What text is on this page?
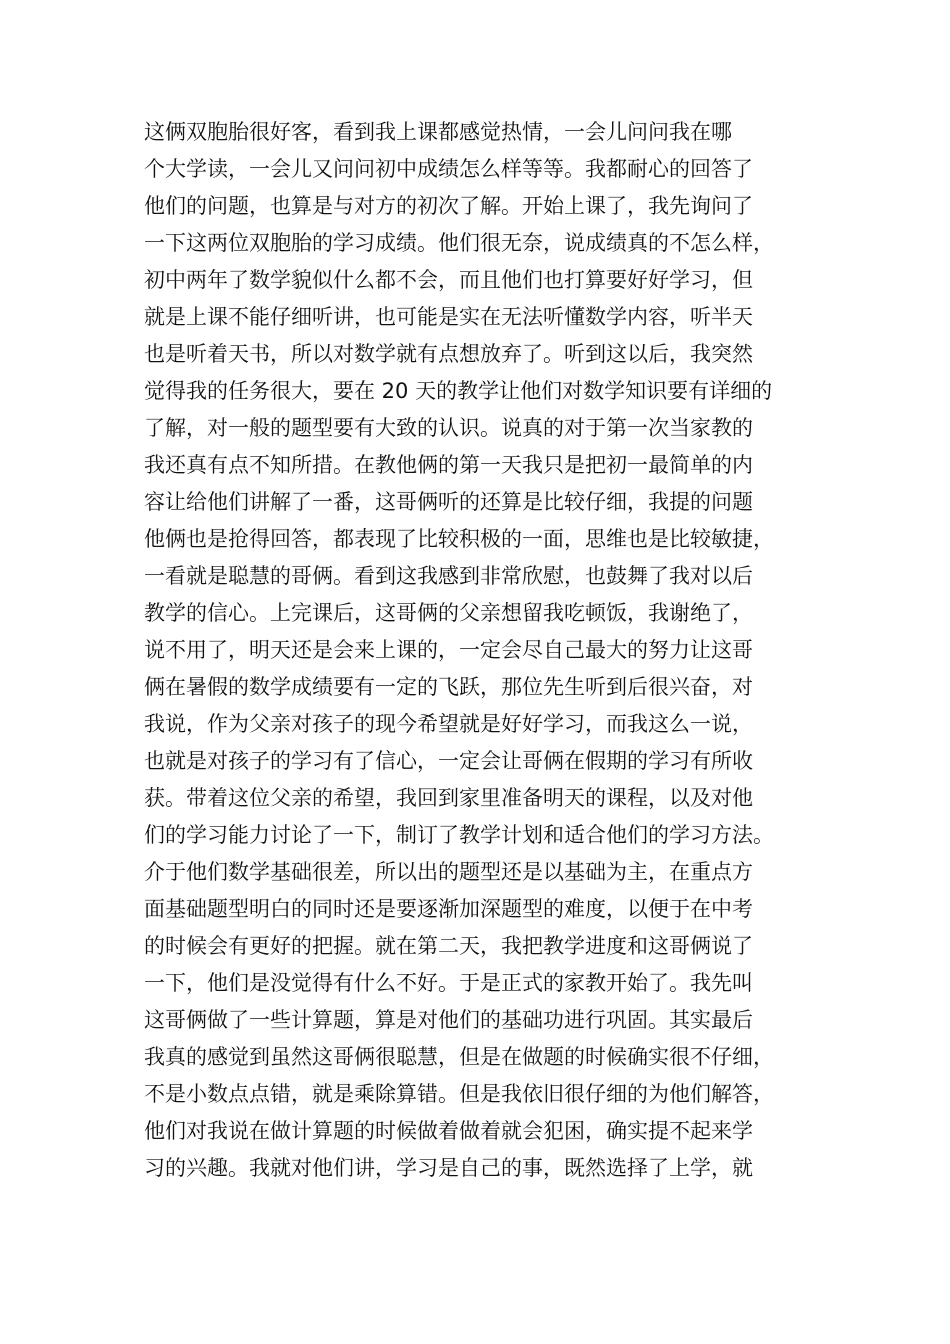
这俩双胞胎很好客，看到我上课都感觉热情，一会儿问问我在哪
个大学读，一会儿又问问初中成绩怎么样等等。我都耐心的回答了
他们的问题，也算是与对方的初次了解。开始上课了，我先询问了
一下这两位双胞胎的学习成绩。他们很无奈，说成绩真的不怎么样，
初中两年了数学貌似什么都不会，而且他们也打算要好好学习，但
就是上课不能仔细听讲，也可能是实在无法听懂数学内容，听半天
也是听着天书，所以对数学就有点想放弃了。听到这以后，我突然
觉得我的任务很大，要在 20 天的教学让他们对数学知识要有详细的
了解，对一般的题型要有大致的认识。说真的对于第一次当家教的
我还真有点不知所措。在教他俩的第一天我只是把初一最简单的内
容让给他们讲解了一番，这哥俩听的还算是比较仔细，我提的问题
他俩也是抢得回答，都表现了比较积极的一面，思维也是比较敏捷，
一看就是聪慧的哥俩。看到这我感到非常欣慰，也鼓舞了我对以后
教学的信心。上完课后，这哥俩的父亲想留我吃顿饭，我谢绝了，
说不用了，明天还是会来上课的，一定会尽自己最大的努力让这哥
俩在暑假的数学成绩要有一定的飞跃，那位先生听到后很兴奋，对
我说，作为父亲对孩子的现今希望就是好好学习，而我这么一说，
也就是对孩子的学习有了信心，一定会让哥俩在假期的学习有所收
获。带着这位父亲的希望，我回到家里准备明天的课程，以及对他
们的学习能力讨论了一下，制订了教学计划和适合他们的学习方法。
介于他们数学基础很差，所以出的题型还是以基础为主，在重点方
面基础题型明白的同时还是要逐渐加深题型的难度，以便于在中考
的时候会有更好的把握。就在第二天，我把教学进度和这哥俩说了
一下，他们是没觉得有什么不好。于是正式的家教开始了。我先叫
这哥俩做了一些计算题，算是对他们的基础功进行巩固。其实最后
我真的感觉到虽然这哥俩很聪慧，但是在做题的时候确实很不仔细，
不是小数点点错，就是乘除算错。但是我依旧很仔细的为他们解答，
他们对我说在做计算题的时候做着做着就会犯困，确实提不起来学
习的兴趣。我就对他们讲，学习是自己的事，既然选择了上学，就
